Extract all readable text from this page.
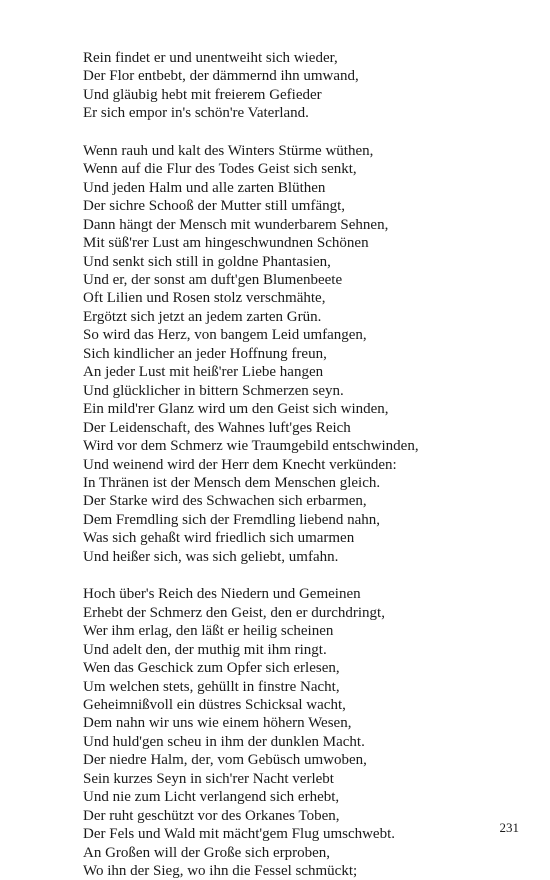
Rein findet er und unentweiht sich wieder,
Der Flor entbebt, der dämmernd ihn umwand,
Und gläubig hebt mit freierem Gefieder
Er sich empor in's schön're Vaterland.

Wenn rauh und kalt des Winters Stürme wüthen,
Wenn auf die Flur des Todes Geist sich senkt,
Und jeden Halm und alle zarten Blüthen
Der sichre Schooß der Mutter still umfängt,
Dann hängt der Mensch mit wunderbarem Sehnen,
Mit süß'rer Lust am hingeschwundnen Schönen
Und senkt sich still in goldne Phantasien,
Und er, der sonst am duft'gen Blumenbeete
Oft Lilien und Rosen stolz verschmähte,
Ergötzt sich jetzt an jedem zarten Grün.
So wird das Herz, von bangem Leid umfangen,
Sich kindlicher an jeder Hoffnung freun,
An jeder Lust mit heiß'rer Liebe hangen
Und glücklicher in bittern Schmerzen seyn.
Ein mild'rer Glanz wird um den Geist sich winden,
Der Leidenschaft, des Wahnes luft'ges Reich
Wird vor dem Schmerz wie Traumgebild entschwinden,
Und weinend wird der Herr dem Knecht verkünden:
In Thränen ist der Mensch dem Menschen gleich.
Der Starke wird des Schwachen sich erbarmen,
Dem Fremdling sich der Fremdling liebend nahn,
Was sich gehaßt wird friedlich sich umarmen
Und heißer sich, was sich geliebt, umfahn.

Hoch über's Reich des Niedern und Gemeinen
Erhebt der Schmerz den Geist, den er durchdringt,
Wer ihm erlag, den läßt er heilig scheinen
Und adelt den, der muthig mit ihm ringt.
Wen das Geschick zum Opfer sich erlesen,
Um welchen stets, gehüllt in finstre Nacht,
Geheimnißvoll ein düstres Schicksal wacht,
Dem nahn wir uns wie einem höhern Wesen,
Und huld'gen scheu in ihm der dunklen Macht.
Der niedre Halm, der, vom Gebüsch umwoben,
Sein kurzes Seyn in sich'rer Nacht verlebt
Und nie zum Licht verlangend sich erhebt,
Der ruht geschützt vor des Orkanes Toben,
Der Fels und Wald mit mächt'gem Flug umschwebt.
An Großen will der Große sich erproben,
Wo ihn der Sieg, wo ihn die Fessel schmückt;

231
